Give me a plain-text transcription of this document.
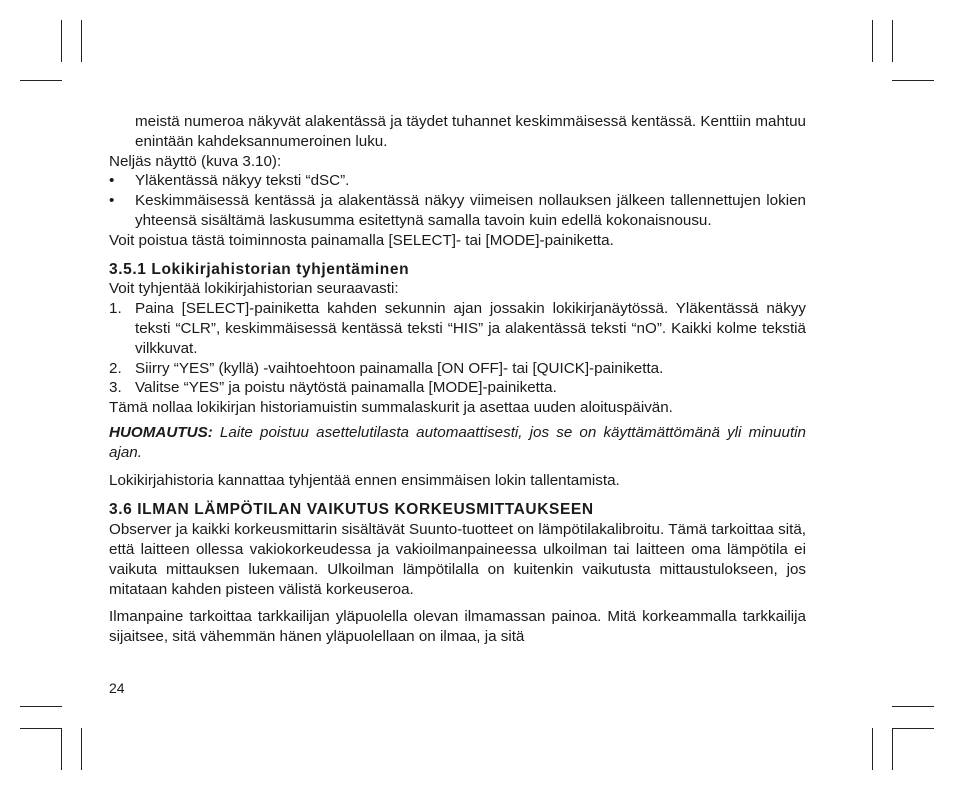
meistä numeroa näkyvät alakentässä ja täydet tuhannet keskimmäisessä kentässä. Kenttiin mahtuu enintään kahdeksannumeroinen luku.

Neljäs näyttö (kuva 3.10):

• Yläkentässä näkyy teksti “dSC”.
• Keskimmäisessä kentässä ja alakentässä näkyy viimeisen nollauksen jälkeen tallennettujen lokien yhteensä sisältämä laskusumma esitettynä samalla tavoin kuin edellä kokonaisnousu.

Voit poistua tästä toiminnosta painamalla [SELECT]- tai [MODE]-painiketta.

3.5.1 Lokikirjahistorian tyhjentäminen

Voit tyhjentää lokikirjahistorian seuraavasti:

1. Paina [SELECT]-painiketta kahden sekunnin ajan jossakin lokikirjanäytössä. Yläkentässä näkyy teksti “CLR”, keskimmäisessä kentässä teksti “HIS” ja alakentässä teksti “nO”. Kaikki kolme tekstiä vilkkuvat.
2. Siirry “YES” (kyllä) -vaihtoehtoon painamalla [ON OFF]- tai [QUICK]-painiketta.
3. Valitse “YES” ja poistu näytöstä painamalla [MODE]-painiketta.

Tämä nollaa lokikirjan historiamuistin summalaskurit ja asettaa uuden aloituspäivän.

HUOMAUTUS: Laite poistuu asettelutilasta automaattisesti, jos se on käyttämättömänä yli minuutin ajan.

Lokikirjahistoria kannattaa tyhjentää ennen ensimmäisen lokin tallentamista.

3.6 ILMAN LÄMPÖTILAN VAIKUTUS KORKEUSMITTAUKSEEN

Observer ja kaikki korkeusmittarin sisältävät Suunto-tuotteet on lämpötilakalibroitu. Tämä tarkoittaa sitä, että laitteen ollessa vakiokorkeudessa ja vakioilmanpaineessa ulkoilman tai laitteen oma lämpötila ei vaikuta mittauksen lukemaan. Ulkoilman lämpötilalla on kuitenkin vaikutusta mittaustulokseen, jos mitataan kahden pisteen välistä korkeuseroa.

Ilmanpaine tarkoittaa tarkkailijan yläpuolella olevan ilmamassan painoa. Mitä korkeammalla tarkkailija sijaitsee, sitä vähemmän hänen yläpuolellaan on ilmaa, ja sitä

24
